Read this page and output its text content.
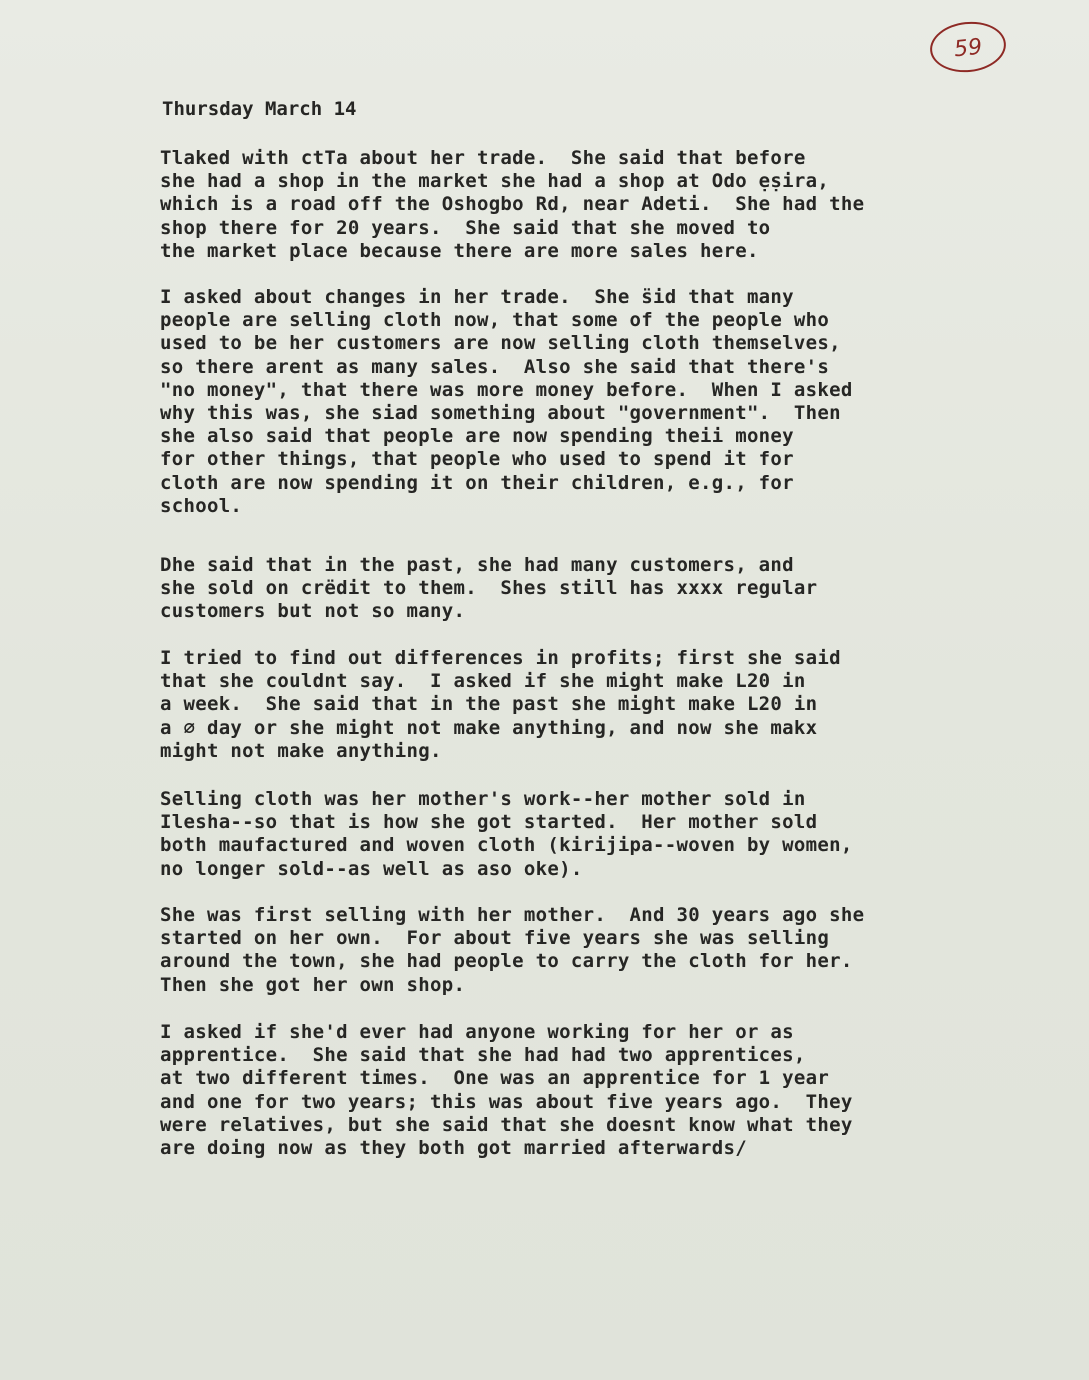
59

Thursday March 14

Tlaked with ctTa about her trade.  She said that before
she had a shop in the market she had a shop at Odo ẹṣira,
which is a road off the Oshogbo Rd, near Adeti.  She had the
shop there for 20 years.  She said that she moved to
the market place because there are more sales here.

I asked about changes in her trade.  She s̈id that many
people are selling cloth now, that some of the people who
used to be her customers are now selling cloth themselves,
so there arent as many sales.  Also she said that there's
"no money", that there was more money before.  When I asked
why this was, she siad something about "government".  Then
she also said that people are now spending theii money
for other things, that people who used to spend it for
cloth are now spending it on their children, e.g., for
school.

Dhe said that in the past, she had many customers, and
she sold on crëdit to them.  Shes still has xxxx regular
customers but not so many.

I tried to find out differences in profits; first she said
that she couldnt say.  I asked if she might make L20 in
a week.  She said that in the past she might make L20 in
a ∅ day or she might not make anything, and now she makx
might not make anything.

Selling cloth was her mother's work--her mother sold in
Ilesha--so that is how she got started.  Her mother sold
both maufactured and woven cloth (kirijipa--woven by women,
no longer sold--as well as aso oke).

She was first selling with her mother.  And 30 years ago she
started on her own.  For about five years she was selling
around the town, she had people to carry the cloth for her.
Then she got her own shop.

I asked if she'd ever had anyone working for her or as
apprentice.  She said that she had had two apprentices,
at two different times.  One was an apprentice for 1 year
and one for two years; this was about five years ago.  They
were relatives, but she said that she doesnt know what they
are doing now as they both got married afterwards/
